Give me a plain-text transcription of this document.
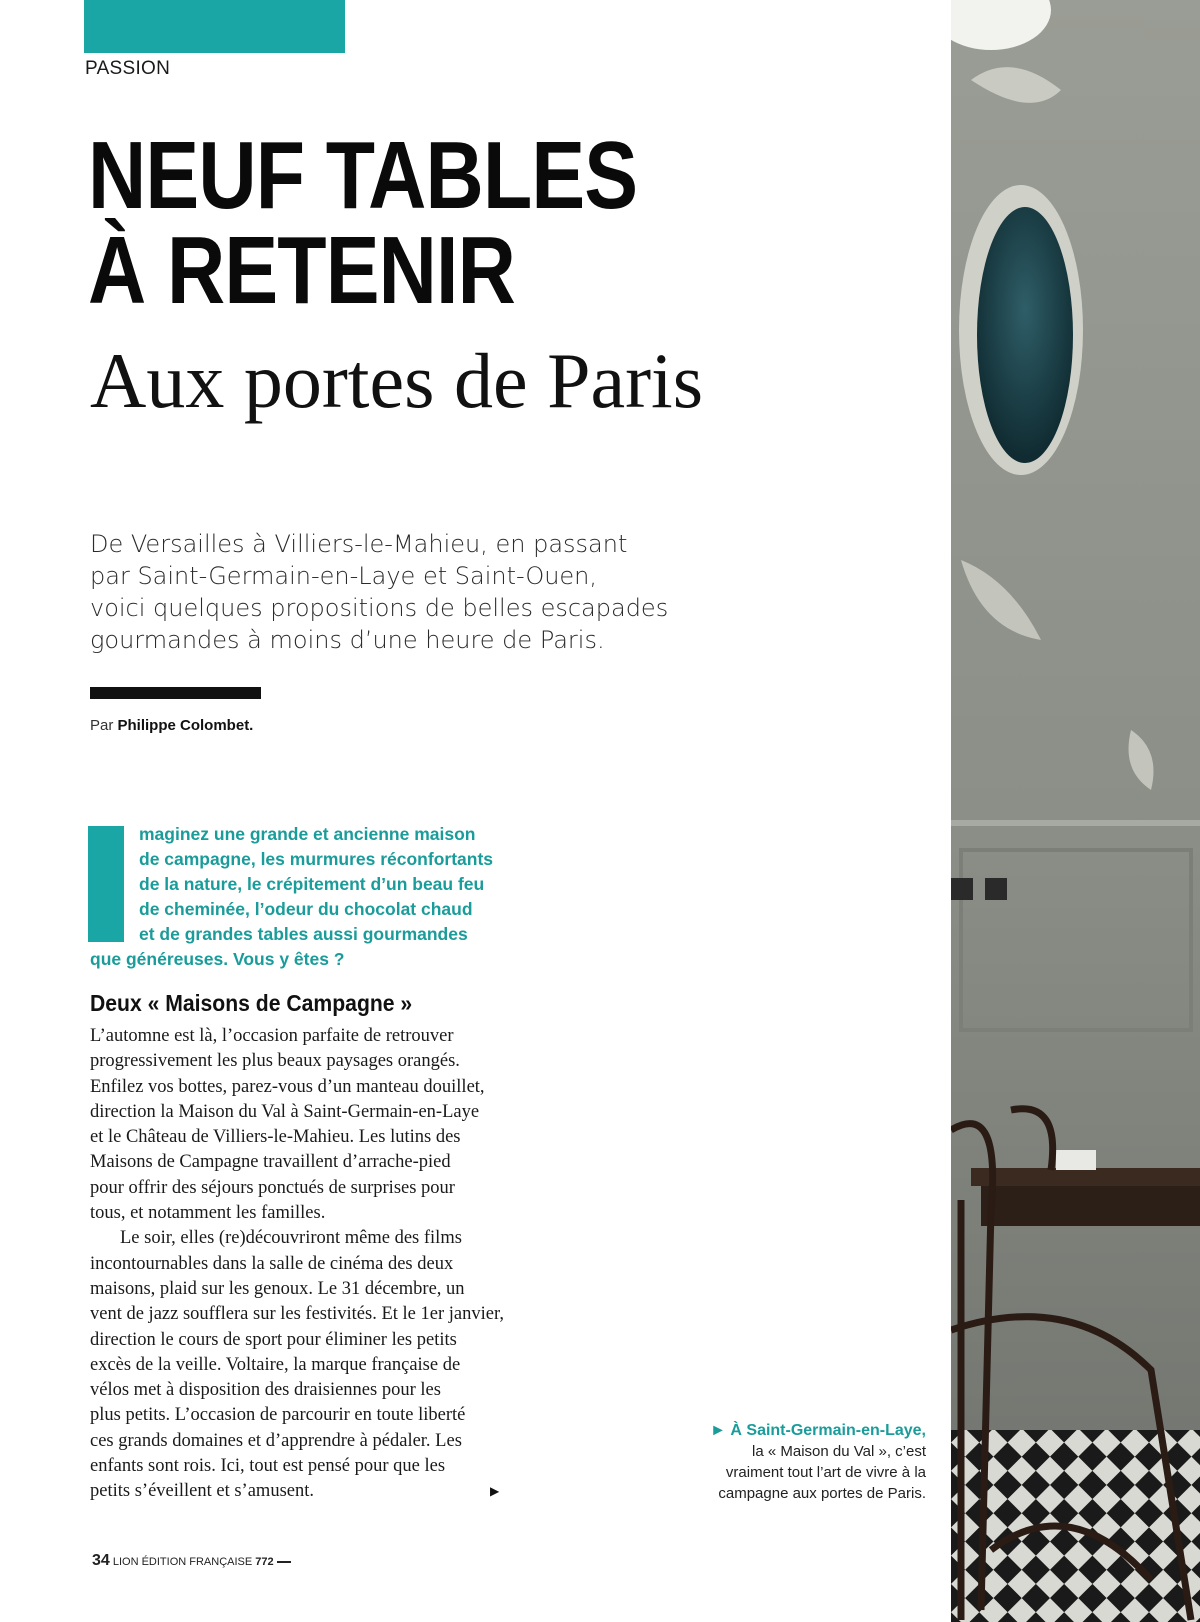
PASSION
NEUF TABLES
À RETENIR
Aux portes de Paris
De Versailles à Villiers-le-Mahieu, en passant
par Saint-Germain-en-Laye et Saint-Ouen,
voici quelques propositions de belles escapades
gourmandes à moins d’une heure de Paris.
Par Philippe Colombet.
maginez une grande et ancienne maison
de campagne, les murmures réconfortants
de la nature, le crépitement d’un beau feu
de cheminée, l’odeur du chocolat chaud
et de grandes tables aussi gourmandes
que généreuses. Vous y êtes ?
Deux « Maisons de Campagne »
L’automne est là, l’occasion parfaite de retrouver
progressivement les plus beaux paysages orangés.
Enfilez vos bottes, parez-vous d’un manteau douillet,
direction la Maison du Val à Saint-Germain-en-Laye
et le Château de Villiers-le-Mahieu. Les lutins des
Maisons de Campagne travaillent d’arrache-pied
pour offrir des séjours ponctués de surprises pour
tous, et notamment les familles.
Le soir, elles (re)découvriront même des films
incontournables dans la salle de cinéma des deux
maisons, plaid sur les genoux. Le 31 décembre, un
vent de jazz soufflera sur les festivités. Et le 1er janvier,
direction le cours de sport pour éliminer les petits
excès de la veille. Voltaire, la marque française de
vélos met à disposition des draisiennes pour les
plus petits. L’occasion de parcourir en toute liberté
ces grands domaines et d’apprendre à pédaler. Les
enfants sont rois. Ici, tout est pensé pour que les
petits s’éveillent et s’amusent.	▶
► À Saint-Germain-en-Laye,
la « Maison du Val », c’est
vraiment tout l’art de vivre à la
campagne aux portes de Paris.
34 LION ÉDITION FRANÇAISE 772
